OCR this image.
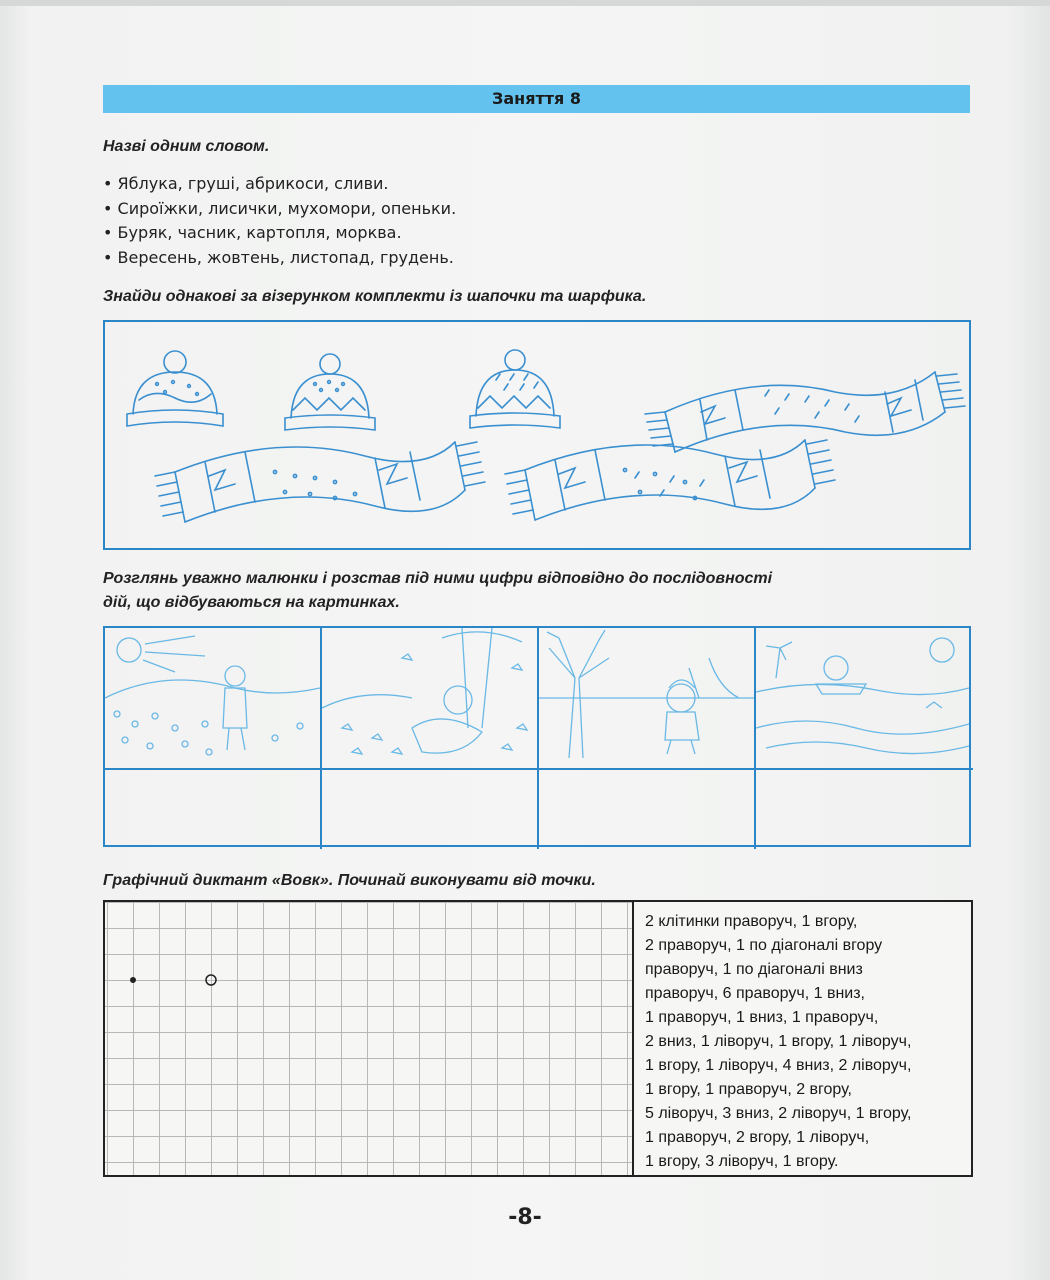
Заняття 8
Назві одним словом.
• Яблука, груші, абрикоси, сливи.
• Сироїжки, лисички, мухомори, опеньки.
• Буряк, часник, картопля, морква.
• Вересень, жовтень, листопад, грудень.
Знайди однакові за візерунком комплекти із шапочки та шарфика.
Розглянь уважно малюнки і розстав під ними цифри відповідно до послідовності
дій, що відбуваються на картинках.
Графічний диктант «Вовк». Починай виконувати від точки.
2 клітинки праворуч, 1 вгору,
2 праворуч, 1 по діагоналі вгору
праворуч, 1 по діагоналі вниз
праворуч, 6 праворуч, 1 вниз,
1 праворуч, 1 вниз, 1 праворуч,
2 вниз, 1 ліворуч, 1 вгору, 1 ліворуч,
1 вгору, 1 ліворуч, 4 вниз, 2 ліворуч,
1 вгору, 1 праворуч, 2 вгору,
5 ліворуч, 3 вниз, 2 ліворуч, 1 вгору,
1 праворуч, 2 вгору, 1 ліворуч,
1 вгору, 3 ліворуч, 1 вгору.
-8-
